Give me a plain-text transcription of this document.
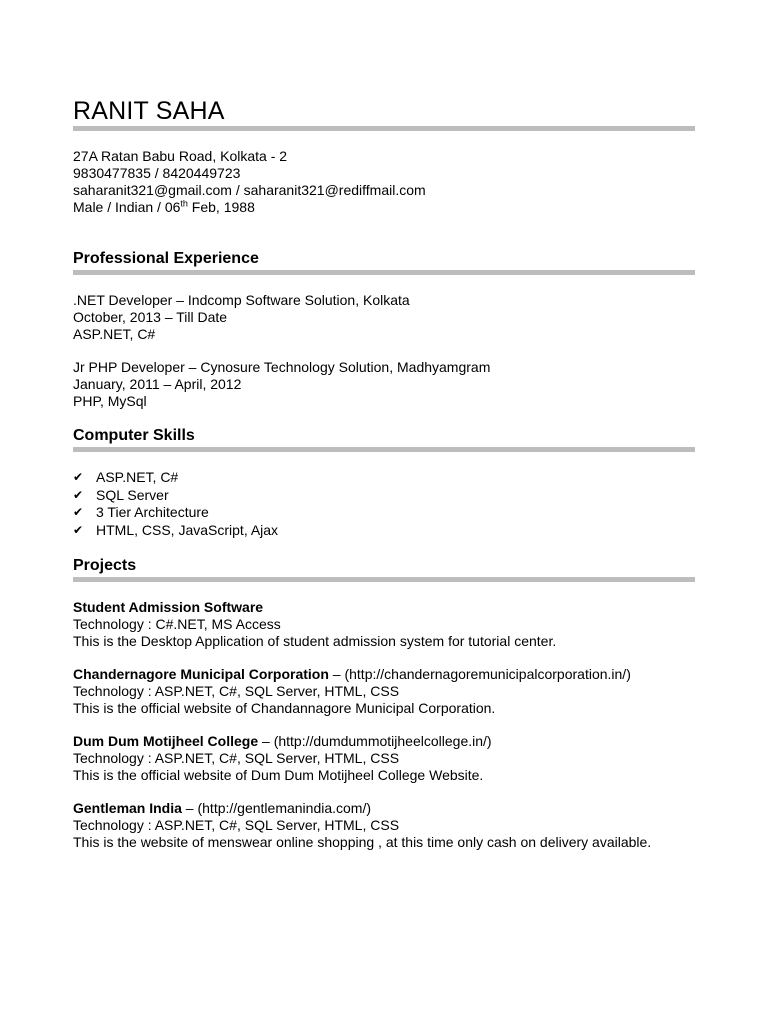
RANIT SAHA
27A Ratan Babu Road, Kolkata - 2
9830477835 / 8420449723
saharanit321@gmail.com / saharanit321@rediffmail.com
Male / Indian / 06th Feb, 1988
Professional Experience
.NET Developer – Indcomp Software Solution, Kolkata
October, 2013 – Till Date
ASP.NET, C#
Jr PHP Developer – Cynosure Technology Solution, Madhyamgram
January, 2011 – April, 2012
PHP, MySql
Computer Skills
✔ ASP.NET, C#
✔ SQL Server
✔ 3 Tier Architecture
✔ HTML, CSS, JavaScript, Ajax
Projects
Student Admission Software
Technology : C#.NET, MS Access
This is the Desktop Application of student admission system for tutorial center.
Chandernagore Municipal Corporation – (http://chandernagoremunicipalcorporation.in/)
Technology : ASP.NET, C#, SQL Server, HTML, CSS
This is the official website of Chandannagore Municipal Corporation.
Dum Dum Motijheel College – (http://dumdummotijheelcollege.in/)
Technology : ASP.NET, C#, SQL Server, HTML, CSS
This is the official website of Dum Dum Motijheel College Website.
Gentleman India – (http://gentlemanindia.com/)
Technology : ASP.NET, C#, SQL Server, HTML, CSS
This is the website of menswear online shopping , at this time only cash on delivery available.
